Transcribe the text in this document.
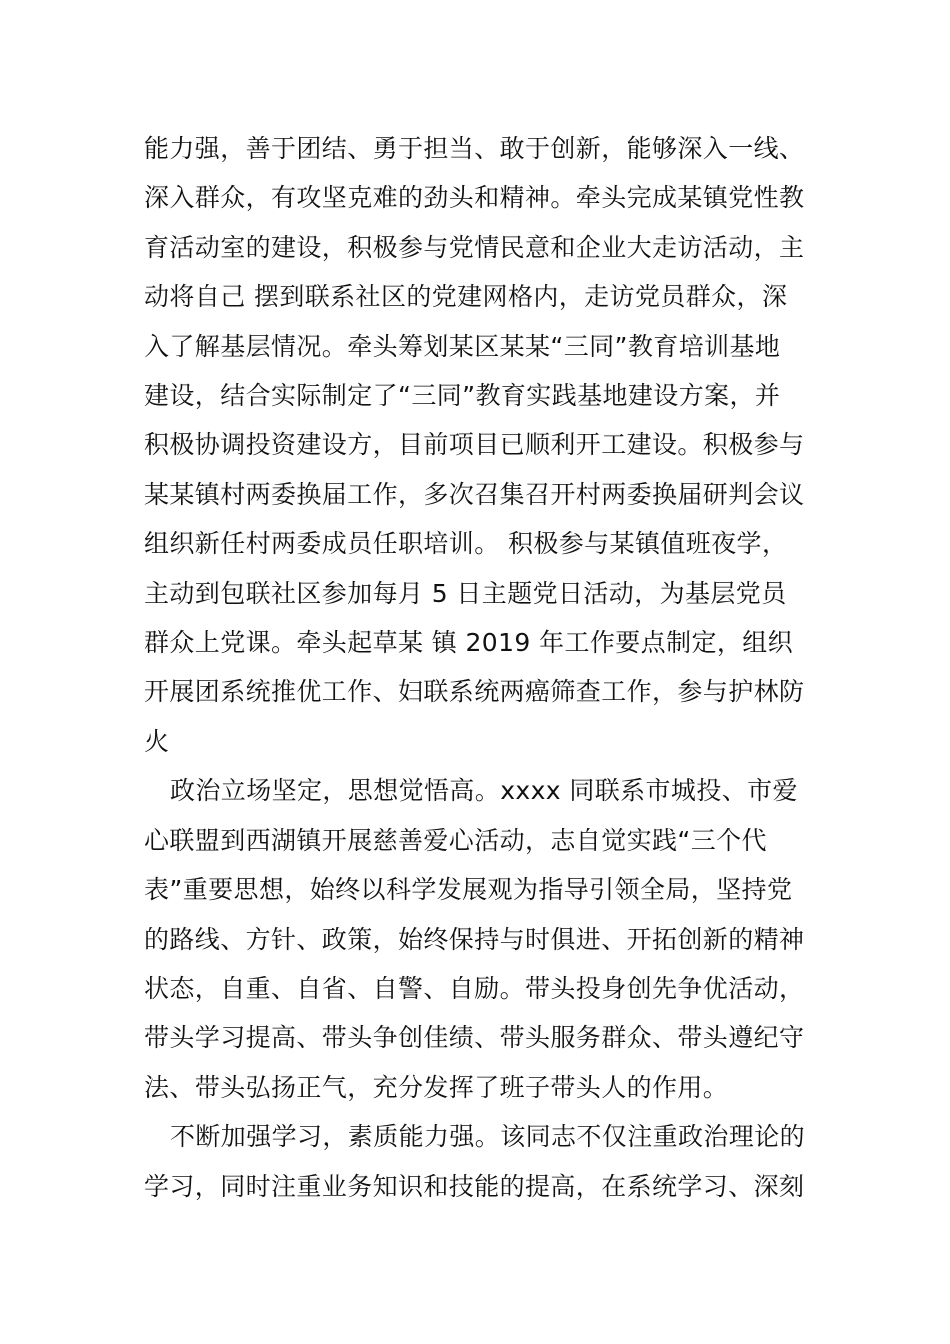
能力强，善于团结、勇于担当、敢于创新，能够深入一线、
深入群众，有攻坚克难的劲头和精神。牵头完成某镇党性教
育活动室的建设，积极参与党情民意和企业大走访活动，主
动将自己 摆到联系社区的党建网格内，走访党员群众，深
入了解基层情况。牵头筹划某区某某“三同”教育培训基地
建设，结合实际制定了“三同”教育实践基地建设方案，并
积极协调投资建设方，目前项目已顺利开工建设。积极参与
某某镇村两委换届工作，多次召集召开村两委换届研判会议
组织新任村两委成员任职培训。 积极参与某镇值班夜学，
主动到包联社区参加每月 5 日主题党日活动，为基层党员
群众上党课。牵头起草某 镇 2019 年工作要点制定，组织
开展团系统推优工作、妇联系统两癌筛查工作，参与护林防
火

政治立场坚定，思想觉悟高。xxxx 同联系市城投、市爱
心联盟到西湖镇开展慈善爱心活动，志自觉实践“三个代
表”重要思想，始终以科学发展观为指导引领全局，坚持党
的路线、方针、政策，始终保持与时俱进、开拓创新的精神
状态，自重、自省、自警、自励。带头投身创先争优活动，
带头学习提高、带头争创佳绩、带头服务群众、带头遵纪守
法、带头弘扬正气，充分发挥了班子带头人的作用。

不断加强学习，素质能力强。该同志不仅注重政治理论的
学习，同时注重业务知识和技能的提高，在系统学习、深刻
